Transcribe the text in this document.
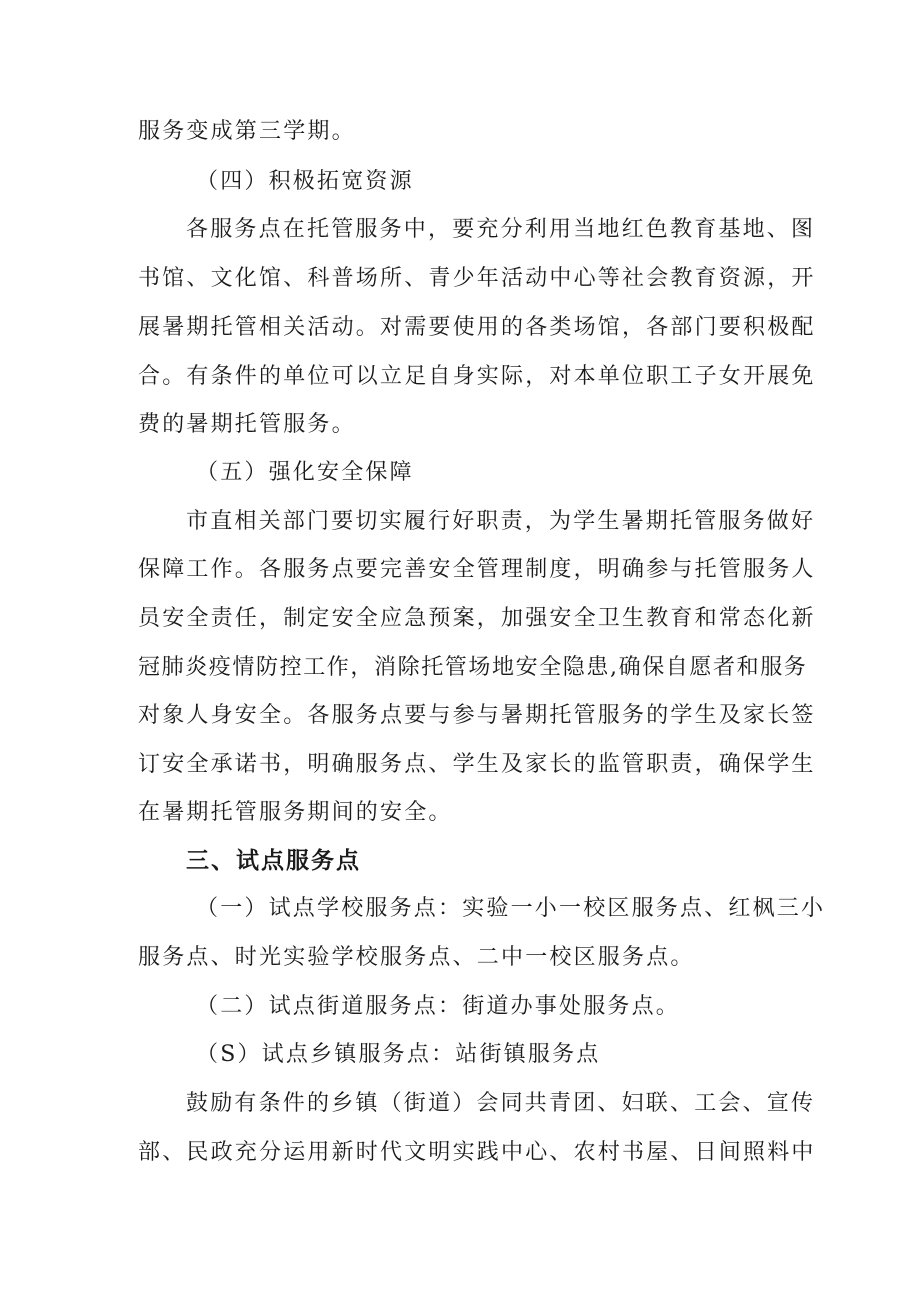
服务变成第三学期。
（四）积极拓宽资源
各服务点在托管服务中，要充分利用当地红色教育基地、图
书馆、文化馆、科普场所、青少年活动中心等社会教育资源，开
展暑期托管相关活动。对需要使用的各类场馆，各部门要积极配
合。有条件的单位可以立足自身实际，对本单位职工子女开展免
费的暑期托管服务。
（五）强化安全保障
市直相关部门要切实履行好职责，为学生暑期托管服务做好
保障工作。各服务点要完善安全管理制度，明确参与托管服务人
员安全责任，制定安全应急预案，加强安全卫生教育和常态化新
冠肺炎疫情防控工作，消除托管场地安全隐患,确保自愿者和服务
对象人身安全。各服务点要与参与暑期托管服务的学生及家长签
订安全承诺书，明确服务点、学生及家长的监管职责，确保学生
在暑期托管服务期间的安全。
三、试点服务点
（一）试点学校服务点：实验一小一校区服务点、红枫三小
服务点、时光实验学校服务点、二中一校区服务点。
（二）试点街道服务点：街道办事处服务点。
（S）试点乡镇服务点：站街镇服务点
鼓励有条件的乡镇（街道）会同共青团、妇联、工会、宣传
部、民政充分运用新时代文明实践中心、农村书屋、日间照料中
